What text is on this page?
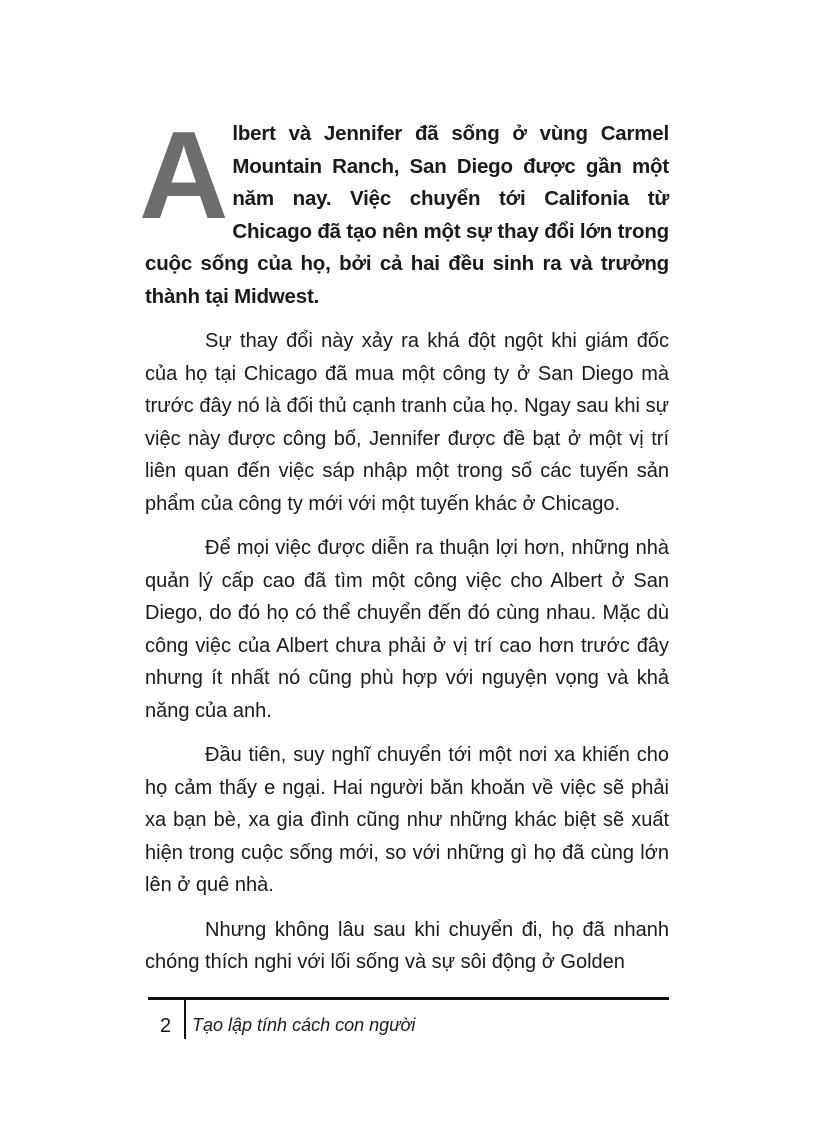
Albert và Jennifer đã sống ở vùng Carmel Mountain Ranch, San Diego được gần một năm nay. Việc chuyển tới Califonia từ Chicago đã tạo nên một sự thay đổi lớn trong cuộc sống của họ, bởi cả hai đều sinh ra và trưởng thành tại Midwest.

Sự thay đổi này xảy ra khá đột ngột khi giám đốc của họ tại Chicago đã mua một công ty ở San Diego mà trước đây nó là đối thủ cạnh tranh của họ. Ngay sau khi sự việc này được công bố, Jennifer được đề bạt ở một vị trí liên quan đến việc sáp nhập một trong số các tuyến sản phẩm của công ty mới với một tuyến khác ở Chicago.

Để mọi việc được diễn ra thuận lợi hơn, những nhà quản lý cấp cao đã tìm một công việc cho Albert ở San Diego, do đó họ có thể chuyển đến đó cùng nhau. Mặc dù công việc của Albert chưa phải ở vị trí cao hơn trước đây nhưng ít nhất nó cũng phù hợp với nguyện vọng và khả năng của anh.

Đầu tiên, suy nghĩ chuyển tới một nơi xa khiến cho họ cảm thấy e ngại. Hai người băn khoăn về việc sẽ phải xa bạn bè, xa gia đình cũng như những khác biệt sẽ xuất hiện trong cuộc sống mới, so với những gì họ đã cùng lớn lên ở quê nhà.

Nhưng không lâu sau khi chuyển đi, họ đã nhanh chóng thích nghi với lối sống và sự sôi động ở Golden

2 Tạo lập tính cách con người
